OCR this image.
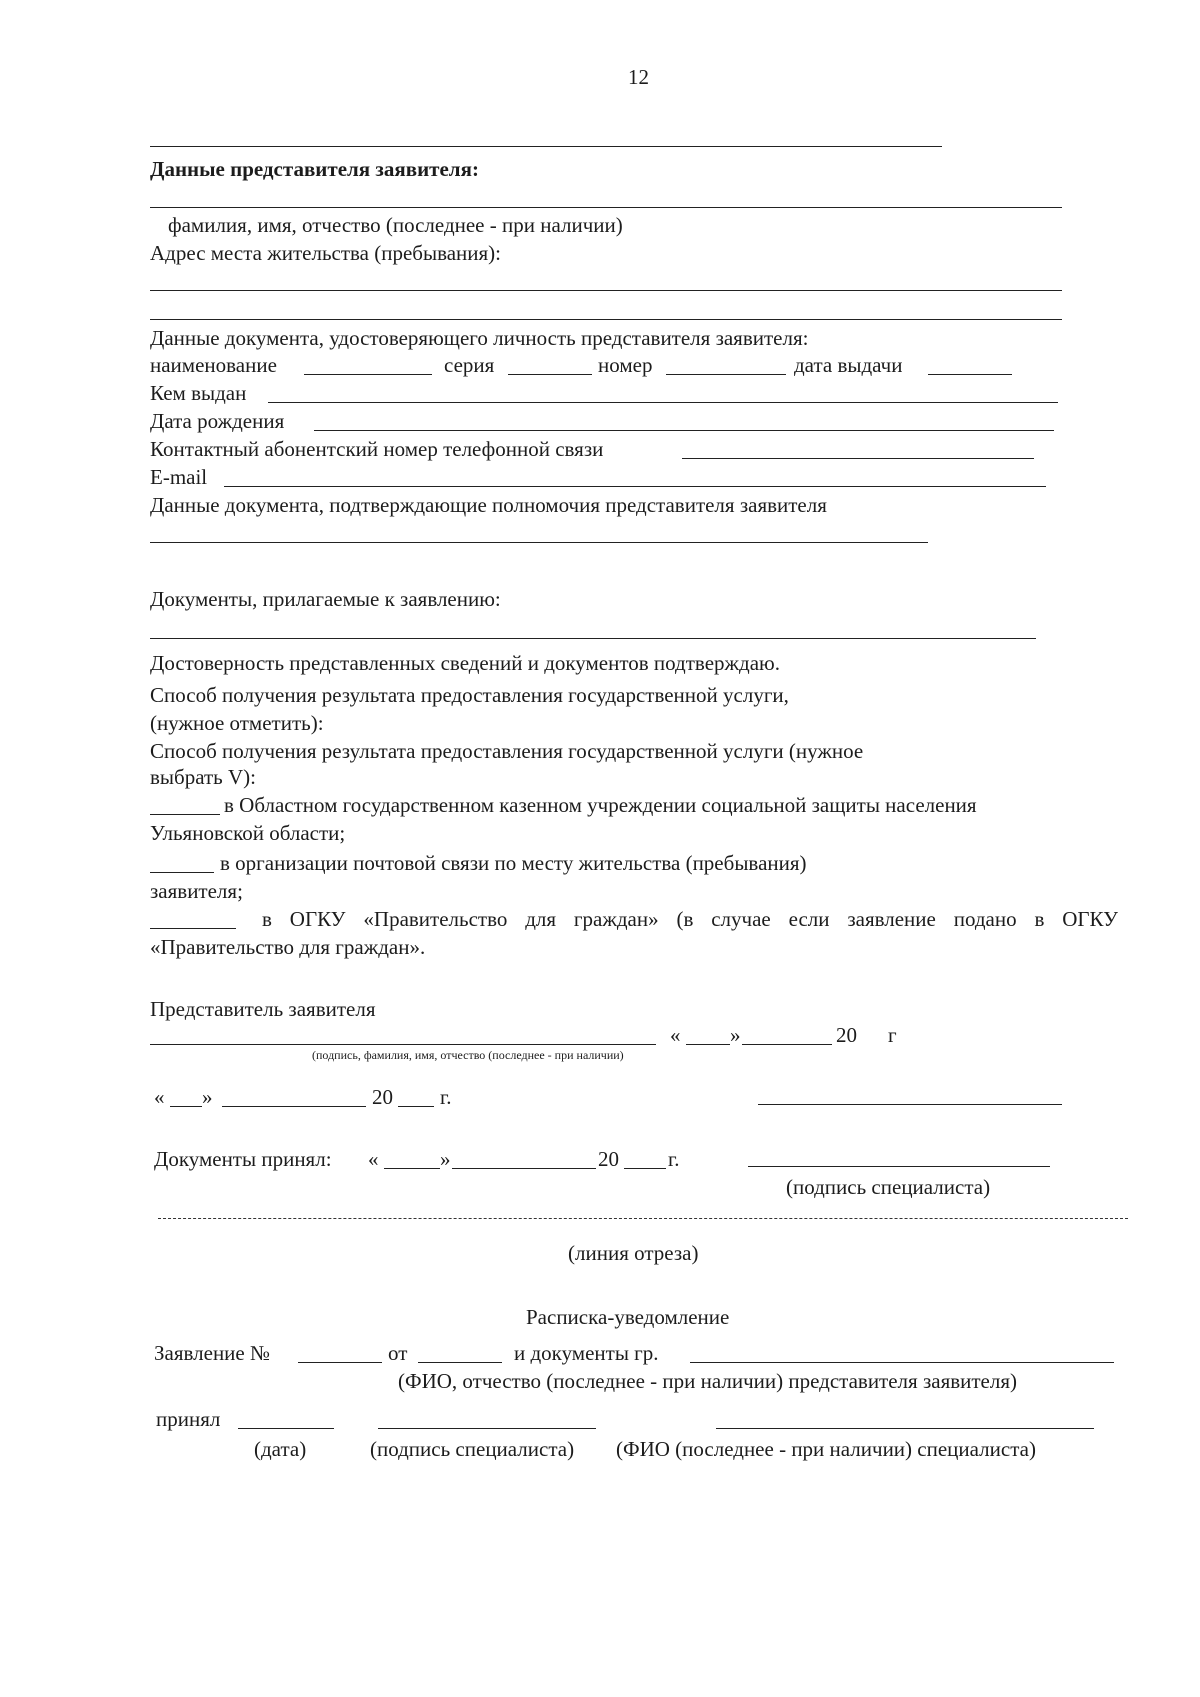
12
Данные представителя заявителя:
фамилия, имя, отчество (последнее - при наличии)
Адрес места жительства (пребывания):
Данные документа, удостоверяющего личность представителя заявителя:
наименование	серия	номер	дата выдачи
Кем выдан
Дата рождения
Контактный абонентский номер телефонной связи
E-mail
Данные документа, подтверждающие полномочия представителя заявителя
Документы, прилагаемые к заявлению:
Достоверность представленных сведений и документов подтверждаю.
Способ получения результата предоставления государственной услуги,
(нужное отметить):
Способ получения результата предоставления государственной услуги (нужное
выбрать V):
в Областном государственном казенном учреждении социальной защиты населения
Ульяновской области;
в организации почтовой связи по месту жительства (пребывания)
заявителя;
в ОГКУ «Правительство для граждан» (в случае если заявление подано в ОГКУ
«Правительство для граждан».
Представитель заявителя
« »	20 г
(подпись, фамилия, имя, отчество (последнее - при наличии)
« »	20 г.
Документы принял: «	»	20 г.
(подпись специалиста)
(линия отреза)
Расписка-уведомление
Заявление №	от	и документы гр.
(ФИО, отчество (последнее - при наличии) представителя заявителя)
принял
(дата)	(подпись специалиста) (ФИО (последнее - при наличии) специалиста)
